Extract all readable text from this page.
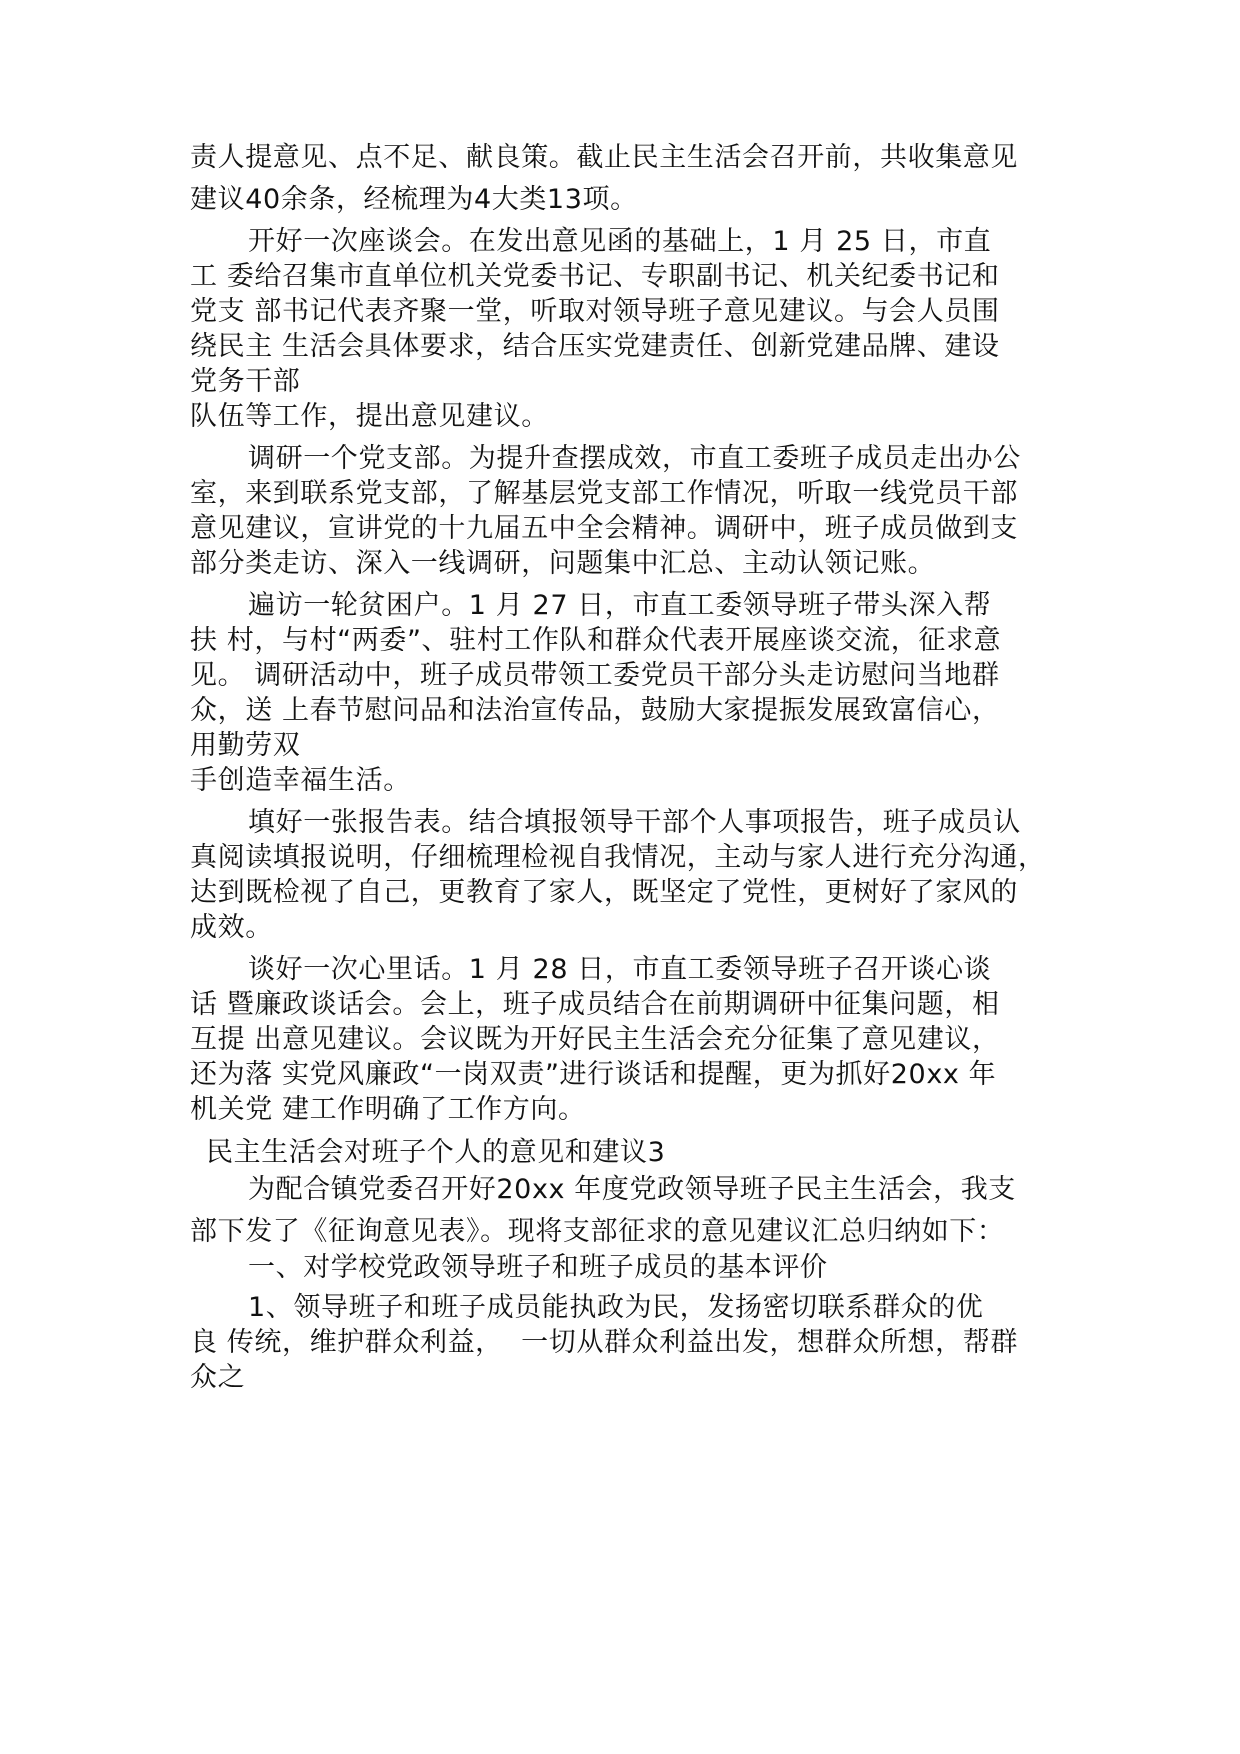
责人提意见、点不足、献良策。截止民主生活会召开前，共收集意见
建议40余条，经梳理为4大类13项。
开好一次座谈会。在发出意见函的基础上，1 月 25 日，市直
工 委给召集市直单位机关党委书记、专职副书记、机关纪委书记和
党支 部书记代表齐聚一堂，听取对领导班子意见建议。与会人员围
绕民主 生活会具体要求，结合压实党建责任、创新党建品牌、建设
党务干部
队伍等工作，提出意见建议。
调研一个党支部。为提升查摆成效，市直工委班子成员走出办公
室，来到联系党支部，了解基层党支部工作情况，听取一线党员干部
意见建议，宣讲党的十九届五中全会精神。调研中，班子成员做到支
部分类走访、深入一线调研，问题集中汇总、主动认领记账。
遍访一轮贫困户。1 月 27 日，市直工委领导班子带头深入帮
扶 村，与村“两委”、驻村工作队和群众代表开展座谈交流，征求意
见。 调研活动中，班子成员带领工委党员干部分头走访慰问当地群
众，送 上春节慰问品和法治宣传品，鼓励大家提振发展致富信心，
用勤劳双
手创造幸福生活。
填好一张报告表。结合填报领导干部个人事项报告，班子成员认
真阅读填报说明，仔细梳理检视自我情况，主动与家人进行充分沟通，
达到既检视了自己，更教育了家人，既坚定了党性，更树好了家风的
成效。
谈好一次心里话。1 月 28 日，市直工委领导班子召开谈心谈
话 暨廉政谈话会。会上，班子成员结合在前期调研中征集问题，相
互提 出意见建议。会议既为开好民主生活会充分征集了意见建议，
还为落 实党风廉政“一岗双责”进行谈话和提醒，更为抓好20xx 年
机关党 建工作明确了工作方向。
民主生活会对班子个人的意见和建议3
为配合镇党委召开好20xx 年度党政领导班子民主生活会，我支
部下发了《征询意见表》。现将支部征求的意见建议汇总归纳如下：
一、对学校党政领导班子和班子成员的基本评价
1、领导班子和班子成员能执政为民，发扬密切联系群众的优
良 传统，维护群众利益，  一切从群众利益出发，想群众所想，帮群
众之
